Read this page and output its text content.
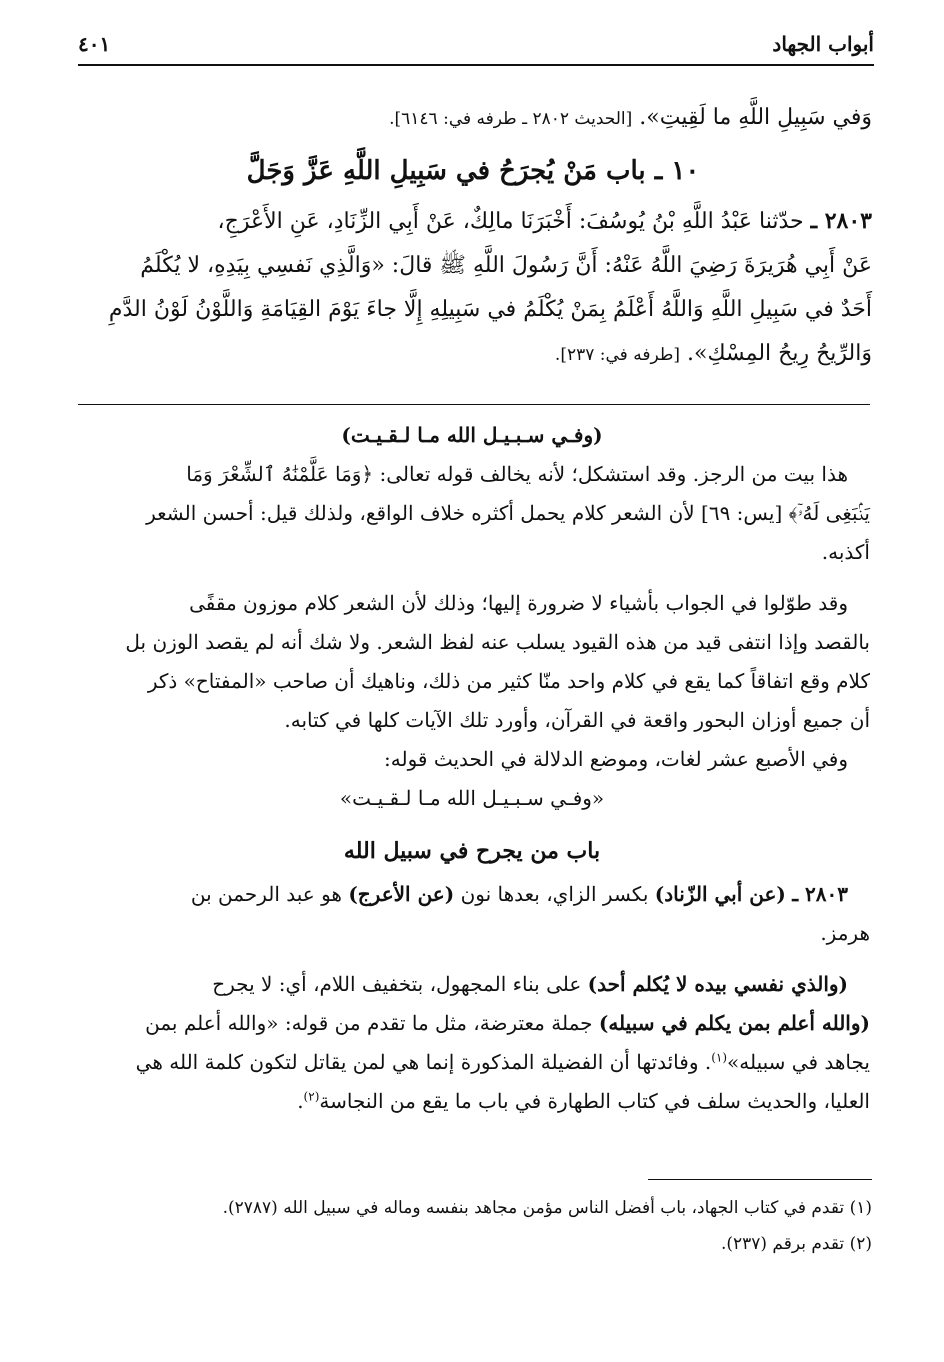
أبواب الجهاد
٤٠١

وَفي سَبِيلِ اللَّهِ ما لَقِيتِ». [الحديث ٢٨٠٢ ـ طرفه في: ٦١٤٦].

١٠ ـ باب مَنْ يُجرَحُ في سَبِيلِ اللَّهِ عَزَّ وَجَلَّ

٢٨٠٣ ـ حدّثنا عَبْدُ اللَّهِ بْنُ يُوسُفَ: أَخْبَرَنَا مالِكٌ، عَنْ أَبِي الزِّنَادِ، عَنِ الأَعْرَجِ،

عَنْ أَبِي هُرَيرَةَ رَضِيَ اللَّهُ عَنْهُ: أَنَّ رَسُولَ اللَّهِ ﷺ قالَ: «وَالَّذِي نَفسِي بِيَدِهِ، لا يُكْلَمُ

أَحَدٌ في سَبِيلِ اللَّهِ وَاللَّهُ أَعْلَمُ بِمَنْ يُكْلَمُ في سَبِيلِهِ إِلَّا جاءَ يَوْمَ القِيَامَةِ وَاللَّوْنُ لَوْنُ الدَّمِ

وَالرِّيحُ رِيحُ المِسْكِ». [طرفه في: ٢٣٧].

(وفـي سـبـيـل الله مـا لـقـيـت)

هذا بيت من الرجز. وقد استشكل؛ لأنه يخالف قوله تعالى: ﴿وَمَا عَلَّمْنَٰهُ ٱلشِّعْرَ وَمَا

يَنۢبَغِى لَهُۥٓ﴾ [يس: ٦٩] لأن الشعر كلام يحمل أكثره خلاف الواقع، ولذلك قيل: أحسن الشعر

أكذبه.

وقد طوّلوا في الجواب بأشياء لا ضرورة إليها؛ وذلك لأن الشعر كلام موزون مقفًى

بالقصد وإذا انتفى قيد من هذه القيود يسلب عنه لفظ الشعر. ولا شك أنه لم يقصد الوزن بل

كلام وقع اتفاقاً كما يقع في كلام واحد منّا كثير من ذلك، وناهيك أن صاحب «المفتاح» ذكر

أن جميع أوزان البحور واقعة في القرآن، وأورد تلك الآيات كلها في كتابه.

وفي الأصبع عشر لغات، وموضع الدلالة في الحديث قوله:

«وفـي سـبـيـل الله مـا لـقـيـت»

باب من يجرح في سبيل الله

٢٨٠٣ ـ (عن أبي الزّناد) بكسر الزاي، بعدها نون (عن الأعرج) هو عبد الرحمن بن

هرمز.

(والذي نفسي بيده لا يُكلم أحد) على بناء المجهول، بتخفيف اللام، أي: لا يجرح

(والله أعلم بمن يكلم في سبيله) جملة معترضة، مثل ما تقدم من قوله: «والله أعلم بمن

يجاهد في سبيله»$^{(١)}$. وفائدتها أن الفضيلة المذكورة إنما هي لمن يقاتل لتكون كلمة الله هي

العليا، والحديث سلف في كتاب الطهارة في باب ما يقع من النجاسة$^{(٢)}$.

(١) تقدم في كتاب الجهاد، باب أفضل الناس مؤمن مجاهد بنفسه وماله في سبيل الله (٢٧٨٧).

(٢) تقدم برقم (٢٣٧).
